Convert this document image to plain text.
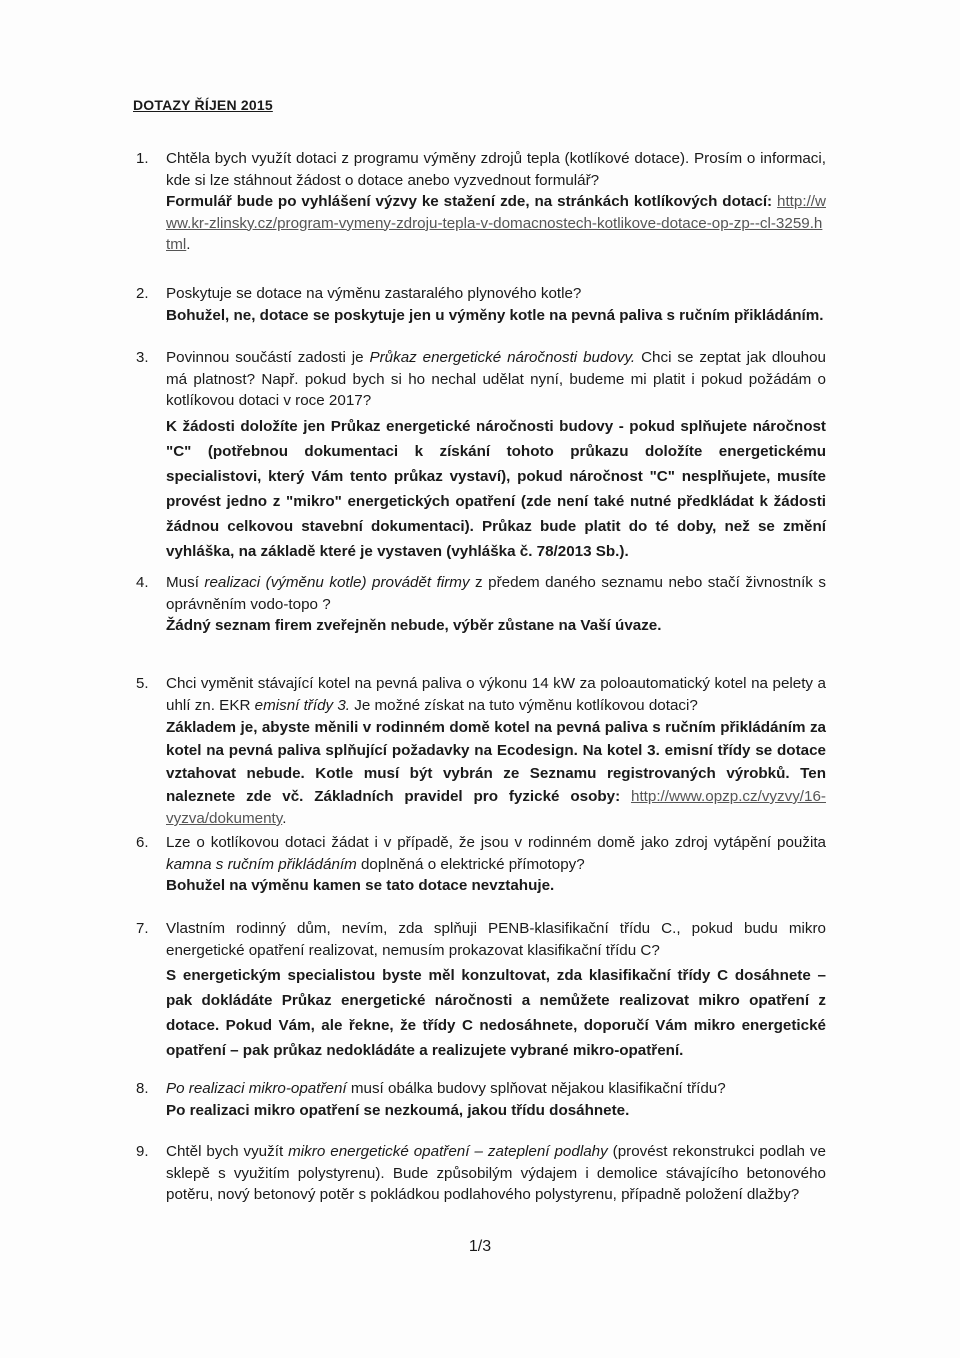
DOTAZY ŘÍJEN 2015
1. Chtěla bych využít dotaci z programu výměny zdrojů tepla (kotlíkové dotace). Prosím o informaci, kde si lze stáhnout žádost o dotace anebo vyzvednout formulář?
Formulář bude po vyhlášení výzvy ke stažení zde, na stránkách kotlíkových dotací: http://www.kr-zlinsky.cz/program-vymeny-zdroju-tepla-v-domacnostech-kotlikove-dotace-op-zp--cl-3259.html.
2. Poskytuje se dotace na výměnu zastaralého plynového kotle?
Bohužel, ne, dotace se poskytuje jen u výměny kotle na pevná paliva s ručním přikládáním.
3. Povinnou součástí zadosti je Průkaz energetické náročnosti budovy. Chci se zeptat jak dlouhou má platnost? Např. pokud bych si ho nechal udělat nyní, budeme mi platit i pokud požádám o kotlíkovou dotaci v roce 2017?
K žádosti doložíte jen Průkaz energetické náročnosti budovy - pokud splňujete náročnost "C" (potřebnou dokumentaci k získání tohoto průkazu doložíte energetickému specialistovi, který Vám tento průkaz vystaví), pokud náročnost "C" nesplňujete, musíte provést jedno z "mikro" energetických opatření (zde není také nutné předkládat k žádosti žádnou celkovou stavební dokumentaci). Průkaz bude platit do té doby, než se změní vyhláška, na základě které je vystaven (vyhláška č. 78/2013 Sb.).
4. Musí realizaci (výměnu kotle) provádět firmy z předem daného seznamu nebo stačí živnostník s oprávněním vodo-topo ?
Žádný seznam firem zveřejněn nebude, výběr zůstane na Vaší úvaze.
5. Chci vyměnit stávající kotel na pevná paliva o výkonu 14 kW za poloautomatický kotel na pelety a uhlí zn. EKR emisní třídy 3. Je možné získat na tuto výměnu kotlíkovou dotaci?
Základem je, abyste měnili v rodinném domě kotel na pevná paliva s ručním přikládáním za kotel na pevná paliva splňující požadavky na Ecodesign. Na kotel 3. emisní třídy se dotace vztahovat nebude. Kotle musí být vybrán ze Seznamu registrovaných výrobků. Ten naleznete zde vč. Základních pravidel pro fyzické osoby: http://www.opzp.cz/vyzvy/16-vyzva/dokumenty.
6. Lze o kotlíkovou dotaci žádat i v případě, že jsou v rodinném domě jako zdroj vytápění použita kamna s ručním přikládáním doplněná o elektrické přímotopy?
Bohužel na výměnu kamen se tato dotace nevztahuje.
7. Vlastním rodinný dům, nevím, zda splňuji PENB-klasifikační třídu C., pokud budu mikro energetické opatření realizovat, nemusím prokazovat klasifikační třídu C?
S energetickým specialistou byste měl konzultovat, zda klasifikační třídy C dosáhnete – pak dokládáte Průkaz energetické náročnosti a nemůžete realizovat mikro opatření z dotace. Pokud Vám, ale řekne, že třídy C nedosáhnete, doporučí Vám mikro energetické opatření – pak průkaz nedokládáte a realizujete vybrané mikro-opatření.
8. Po realizaci mikro-opatření musí obálka budovy splňovat nějakou klasifikační třídu?
Po realizaci mikro opatření se nezkoumá, jakou třídu dosáhnete.
9. Chtěl bych využít mikro energetické opatření – zateplení podlahy (provést rekonstrukci podlah ve sklepě s využitím polystyrenu). Bude způsobilým výdajem i demolice stávajícího betonového potěru, nový betonový potěr s pokládkou podlahového polystyrenu, případně položení dlažby?
1/3
